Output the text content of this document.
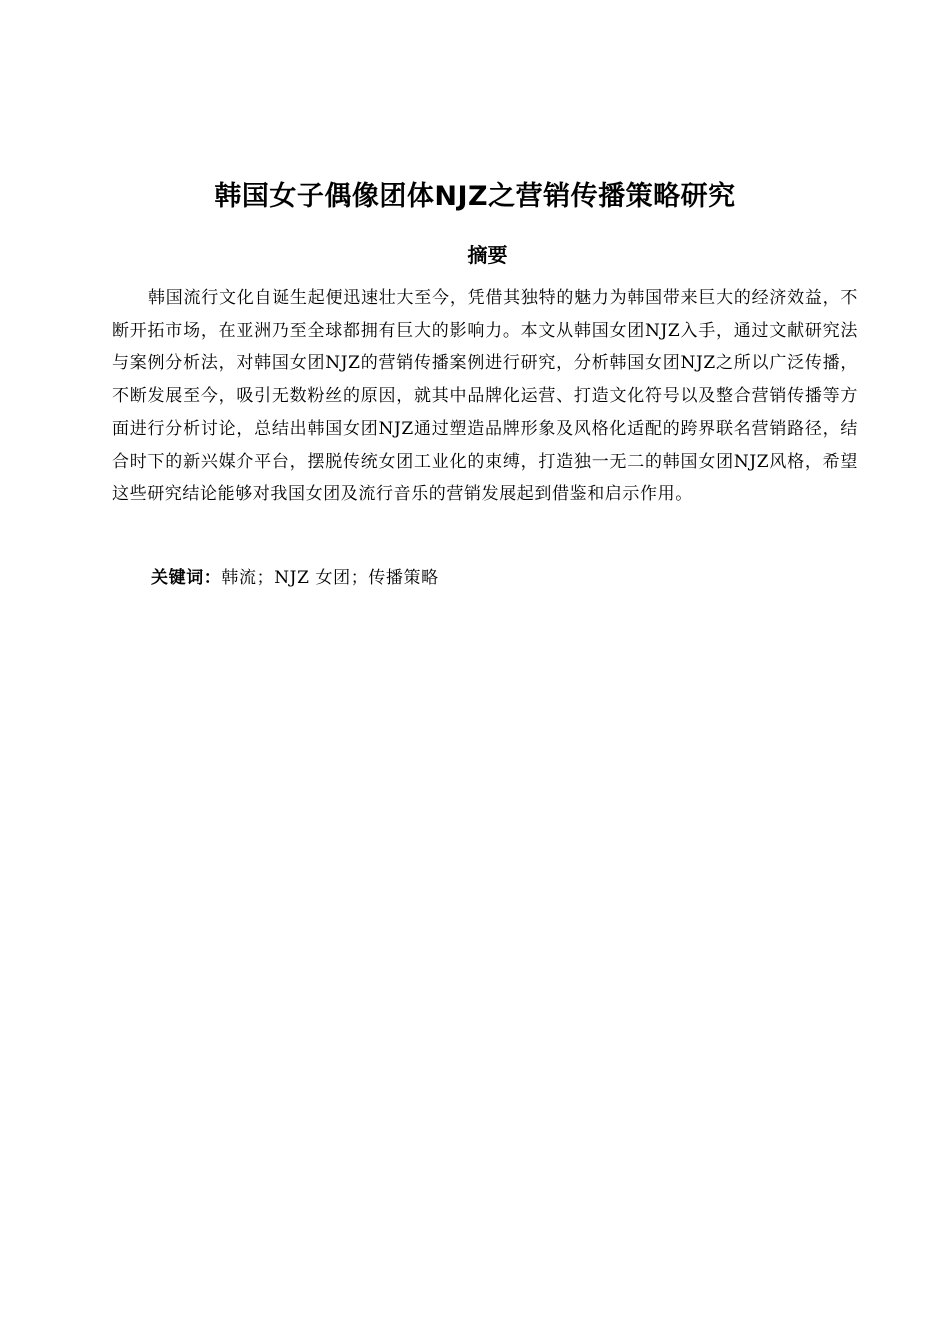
韩国女子偶像团体NJZ之营销传播策略研究
摘要

韩国流行文化自诞生起便迅速壮大至今，凭借其独特的魅力为韩国带来巨大的经济效益，不断开拓市场，在亚洲乃至全球都拥有巨大的影响力。本文从韩国女团NJZ入手，通过文献研究法与案例分析法，对韩国女团NJZ的营销传播案例进行研究，分析韩国女团NJZ之所以广泛传播，不断发展至今，吸引无数粉丝的原因，就其中品牌化运营、打造文化符号以及整合营销传播等方面进行分析讨论，总结出韩国女团NJZ通过塑造品牌形象及风格化适配的跨界联名营销路径，结合时下的新兴媒介平台，摆脱传统女团工业化的束缚，打造独一无二的韩国女团NJZ风格，希望这些研究结论能够对我国女团及流行音乐的营销发展起到借鉴和启示作用。

关键词：韩流；NJZ 女团；传播策略
